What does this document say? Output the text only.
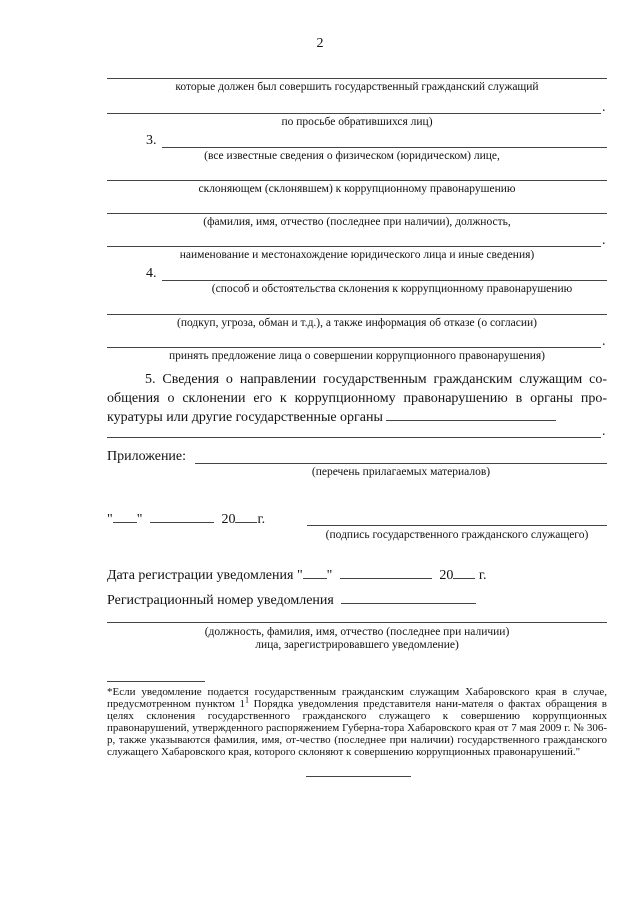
2
которые должен был совершить государственный гражданский служащий
.
по просьбе обратившихся лиц)
3.
(все известные сведения о физическом (юридическом) лице,
склоняющем (склонявшем) к коррупционному правонарушению
(фамилия, имя, отчество (последнее при наличии), должность,
.
наименование и местонахождение юридического лица и иные сведения)
4.
(способ и обстоятельства склонения к коррупционному правонарушению
(подкуп, угроза, обман и т.д.), а также информация об отказе (о согласии)
.
принять предложение лица о совершении коррупционного правонарушения)
5. Сведения о направлении государственным гражданским служащим со-общения о склонении его к коррупционному правонарушению в органы про-куратуры или другие государственные органы
.
Приложение:
(перечень прилагаемых материалов)
" "	20 г.
(подпись государственного гражданского служащего)
Дата регистрации уведомления " "	20 г.
Регистрационный номер уведомления
(должность, фамилия, имя, отчество (последнее при наличии)
лица, зарегистрировавшего уведомление)
*Если уведомление подается государственным гражданским служащим Хабаровского края в случае, предусмотренном пунктом $1^1$ Порядка уведомления представителя нани-мателя о фактах обращения в целях склонения государственного гражданского служащего к совершению коррупционных правонарушений, утвержденного распоряжением Губерна-тора Хабаровского края от 7 мая 2009 г. № 306-р, также указываются фамилия, имя, от-чество (последнее при наличии) государственного гражданского служащего Хабаровского края, которого склоняют к совершению коррупционных правонарушений."
